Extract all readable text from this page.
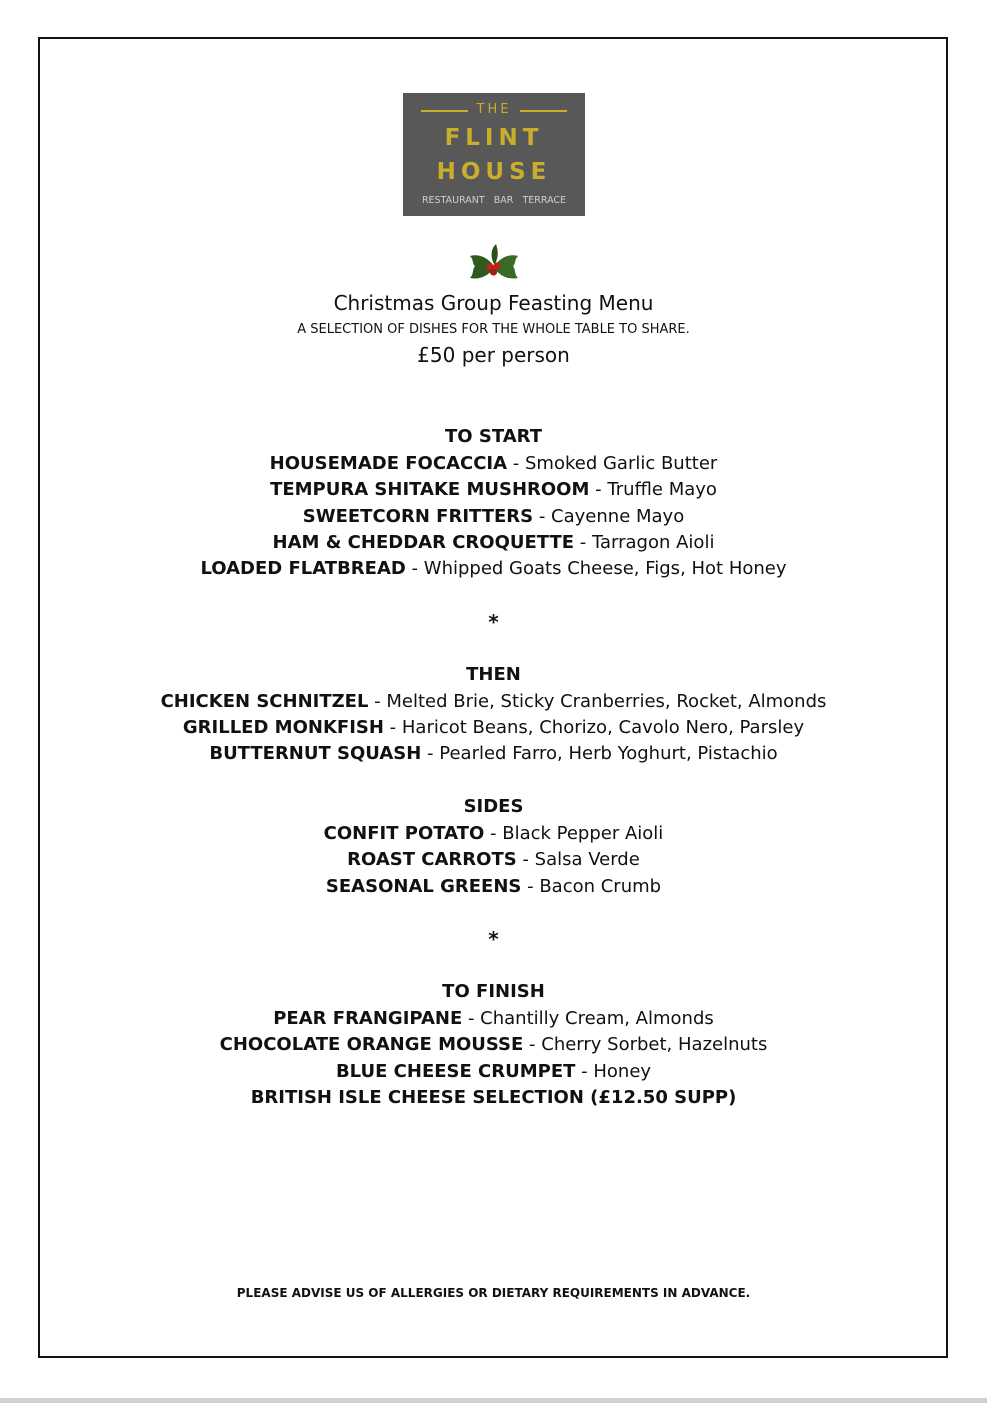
THE
FLINT
HOUSE
RESTAURANT   BAR   TERRACE
Christmas Group Feasting Menu
A SELECTION OF DISHES FOR THE WHOLE TABLE TO SHARE.
£50 per person
TO START
HOUSEMADE FOCACCIA - Smoked Garlic Butter
TEMPURA SHITAKE MUSHROOM - Truffle Mayo
SWEETCORN FRITTERS - Cayenne Mayo
HAM & CHEDDAR CROQUETTE - Tarragon Aioli
LOADED FLATBREAD - Whipped Goats Cheese, Figs, Hot Honey
*
THEN
CHICKEN SCHNITZEL - Melted Brie, Sticky Cranberries, Rocket, Almonds
GRILLED MONKFISH - Haricot Beans, Chorizo, Cavolo Nero, Parsley
BUTTERNUT SQUASH - Pearled Farro, Herb Yoghurt, Pistachio
SIDES
CONFIT POTATO - Black Pepper Aioli
ROAST CARROTS - Salsa Verde
SEASONAL GREENS - Bacon Crumb
*
TO FINISH
PEAR FRANGIPANE - Chantilly Cream, Almonds
CHOCOLATE ORANGE MOUSSE - Cherry Sorbet, Hazelnuts
BLUE CHEESE CRUMPET - Honey
BRITISH ISLE CHEESE SELECTION (£12.50 SUPP)
PLEASE ADVISE US OF ALLERGIES OR DIETARY REQUIREMENTS IN ADVANCE.
